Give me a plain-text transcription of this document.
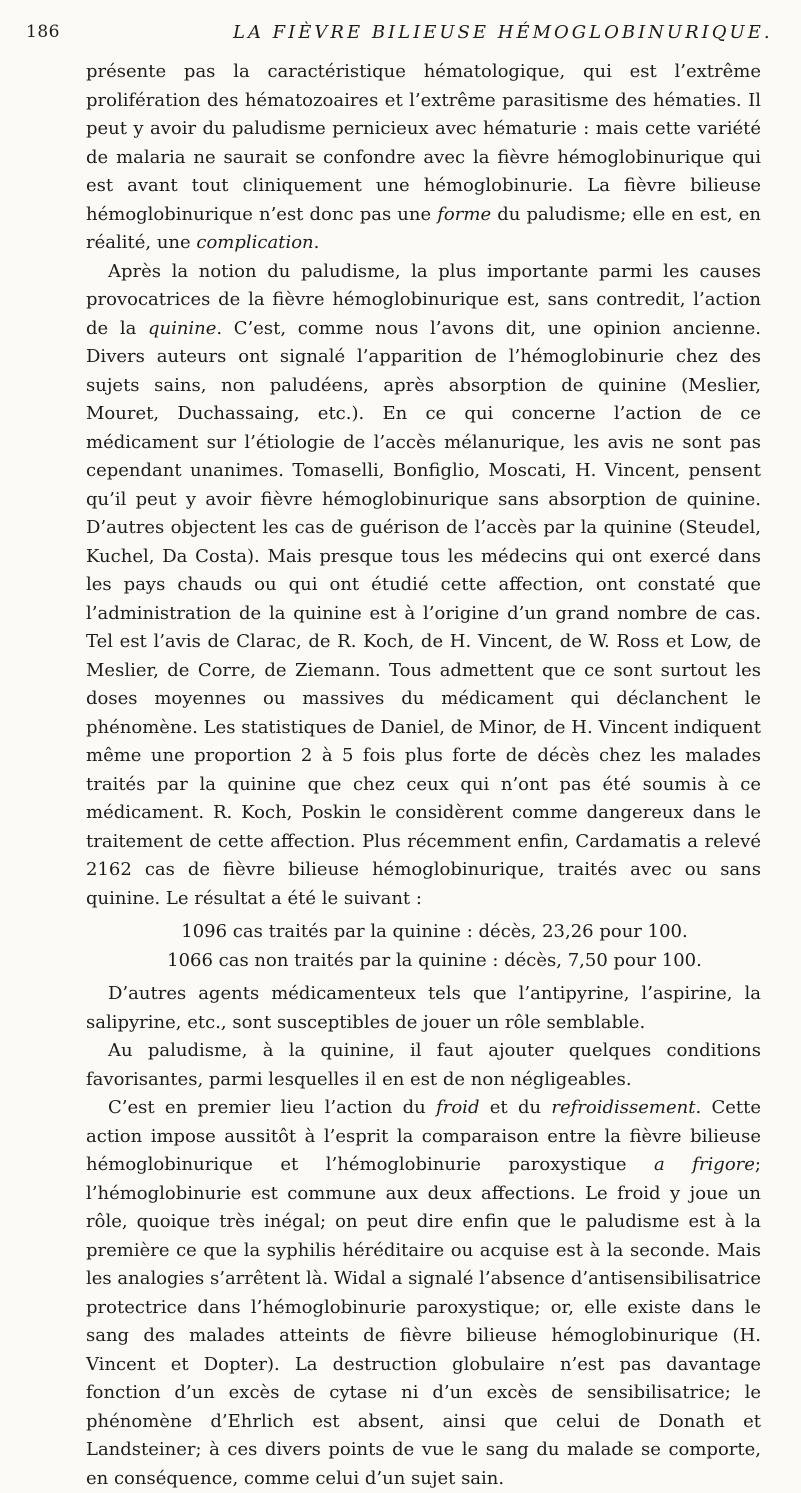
186	LA FIÈVRE BILIEUSE HÉMOGLOBINURIQUE.

présente pas la caractéristique hématologique, qui est l’extrême prolifération des hématozoaires et l’extrême parasitisme des hématies. Il peut y avoir du paludisme pernicieux avec hématurie : mais cette variété de malaria ne saurait se confondre avec la fièvre hémoglobinurique qui est avant tout cliniquement une hémoglobinurie. La fièvre bilieuse hémoglobinurique n’est donc pas une forme du paludisme; elle en est, en réalité, une complication.

Après la notion du paludisme, la plus importante parmi les causes provocatrices de la fièvre hémoglobinurique est, sans contredit, l’action de la quinine. C’est, comme nous l’avons dit, une opinion ancienne. Divers auteurs ont signalé l’apparition de l’hémoglobinurie chez des sujets sains, non paludéens, après absorption de quinine (Meslier, Mouret, Duchassaing, etc.). En ce qui concerne l’action de ce médicament sur l’étiologie de l’accès mélanurique, les avis ne sont pas cependant unanimes. Tomaselli, Bonfiglio, Moscati, H. Vincent, pensent qu’il peut y avoir fièvre hémoglobinurique sans absorption de quinine. D’autres objectent les cas de guérison de l’accès par la quinine (Steudel, Kuchel, Da Costa). Mais presque tous les médecins qui ont exercé dans les pays chauds ou qui ont étudié cette affection, ont constaté que l’administration de la quinine est à l’origine d’un grand nombre de cas. Tel est l’avis de Clarac, de R. Koch, de H. Vincent, de W. Ross et Low, de Meslier, de Corre, de Ziemann. Tous admettent que ce sont surtout les doses moyennes ou massives du médicament qui déclanchent le phénomène. Les statistiques de Daniel, de Minor, de H. Vincent indiquent même une proportion 2 à 5 fois plus forte de décès chez les malades traités par la quinine que chez ceux qui n’ont pas été soumis à ce médicament. R. Koch, Poskin le considèrent comme dangereux dans le traitement de cette affection. Plus récemment enfin, Cardamatis a relevé 2162 cas de fièvre bilieuse hémoglobinurique, traités avec ou sans quinine. Le résultat a été le suivant :

1096 cas traités par la quinine : décès, 23,26 pour 100.

1066 cas non traités par la quinine : décès, 7,50 pour 100.

D’autres agents médicamenteux tels que l’antipyrine, l’aspirine, la salipyrine, etc., sont susceptibles de jouer un rôle semblable.

Au paludisme, à la quinine, il faut ajouter quelques conditions favorisantes, parmi lesquelles il en est de non négligeables.

C’est en premier lieu l’action du froid et du refroidissement. Cette action impose aussitôt à l’esprit la comparaison entre la fièvre bilieuse hémoglobinurique et l’hémoglobinurie paroxystique a frigore; l’hémoglobinurie est commune aux deux affections. Le froid y joue un rôle, quoique très inégal; on peut dire enfin que le paludisme est à la première ce que la syphilis héréditaire ou acquise est à la seconde. Mais les analogies s’arrêtent là. Widal a signalé l’absence d’antisensibilisatrice protectrice dans l’hémoglobinurie paroxystique; or, elle existe dans le sang des malades atteints de fièvre bilieuse hémoglobinurique (H. Vincent et Dopter). La destruction globulaire n’est pas davantage fonction d’un excès de cytase ni d’un excès de sensibilisatrice; le phénomène d’Ehrlich est absent, ainsi que celui de Donath et Landsteiner; à ces divers points de vue le sang du malade se comporte, en conséquence, comme celui d’un sujet sain.
